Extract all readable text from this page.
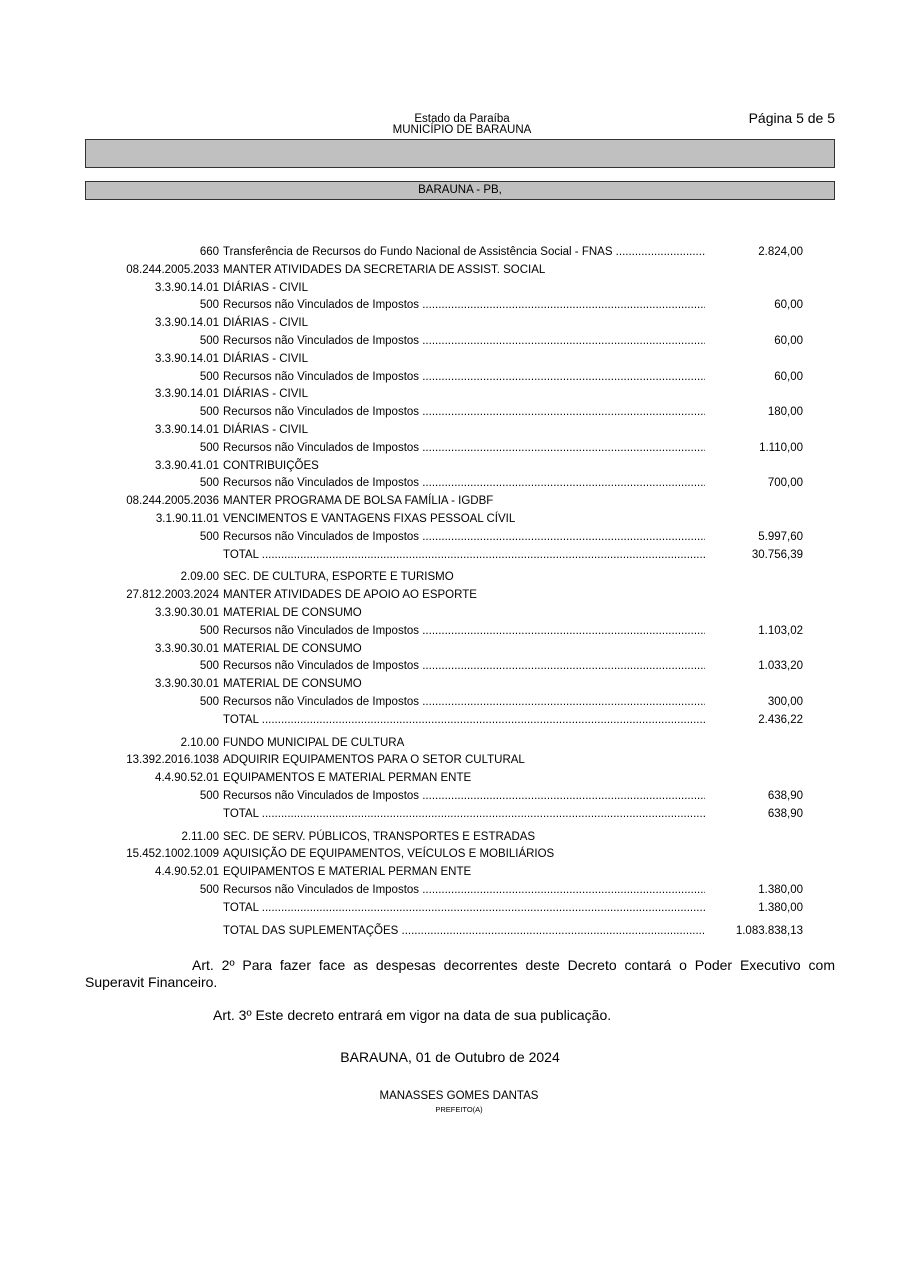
Estado da Paraíba
MUNICÍPIO DE BARAUNA
Página 5 de 5
BARAUNA - PB,
660 Transferência de Recursos do Fundo Nacional de Assistência Social - FNAS .....	2.824,00
08.244.2005.2033 MANTER ATIVIDADES DA SECRETARIA DE ASSIST. SOCIAL
3.3.90.14.01 DIÁRIAS - CIVIL
500 Recursos não Vinculados de Impostos .....	60,00
3.3.90.14.01 DIÁRIAS - CIVIL
500 Recursos não Vinculados de Impostos .....	60,00
3.3.90.14.01 DIÁRIAS - CIVIL
500 Recursos não Vinculados de Impostos .....	60,00
3.3.90.14.01 DIÁRIAS - CIVIL
500 Recursos não Vinculados de Impostos .....	180,00
3.3.90.14.01 DIÁRIAS - CIVIL
500 Recursos não Vinculados de Impostos .....	1.110,00
3.3.90.41.01 CONTRIBUIÇÕES
500 Recursos não Vinculados de Impostos .....	700,00
08.244.2005.2036 MANTER PROGRAMA DE BOLSA FAMÍLIA - IGDBF
3.1.90.11.01 VENCIMENTOS E VANTAGENS FIXAS PESSOAL CÍVIL
500 Recursos não Vinculados de Impostos .....	5.997,60
TOTAL .....	30.756,39
2.09.00 SEC. DE CULTURA, ESPORTE E TURISMO
27.812.2003.2024 MANTER ATIVIDADES DE APOIO AO ESPORTE
3.3.90.30.01 MATERIAL DE CONSUMO
500 Recursos não Vinculados de Impostos .....	1.103,02
3.3.90.30.01 MATERIAL DE CONSUMO
500 Recursos não Vinculados de Impostos .....	1.033,20
3.3.90.30.01 MATERIAL DE CONSUMO
500 Recursos não Vinculados de Impostos .....	300,00
TOTAL .....	2.436,22
2.10.00 FUNDO MUNICIPAL DE CULTURA
13.392.2016.1038 ADQUIRIR EQUIPAMENTOS PARA O SETOR CULTURAL
4.4.90.52.01 EQUIPAMENTOS E MATERIAL PERMAN ENTE
500 Recursos não Vinculados de Impostos .....	638,90
TOTAL .....	638,90
2.11.00 SEC. DE SERV. PÚBLICOS, TRANSPORTES E ESTRADAS
15.452.1002.1009 AQUISIÇÃO DE EQUIPAMENTOS, VEÍCULOS E MOBILIÁRIOS
4.4.90.52.01 EQUIPAMENTOS E MATERIAL PERMAN ENTE
500 Recursos não Vinculados de Impostos .....	1.380,00
TOTAL .....	1.380,00
TOTAL DAS SUPLEMENTAÇÕES .....	1.083.838,13
Art. 2º Para fazer face as despesas decorrentes deste Decreto contará o Poder Executivo com Superavit Financeiro.
Art. 3º Este decreto entrará em vigor na data de sua publicação.
BARAUNA, 01 de Outubro de 2024
MANASSES GOMES DANTAS
PREFEITO(A)
